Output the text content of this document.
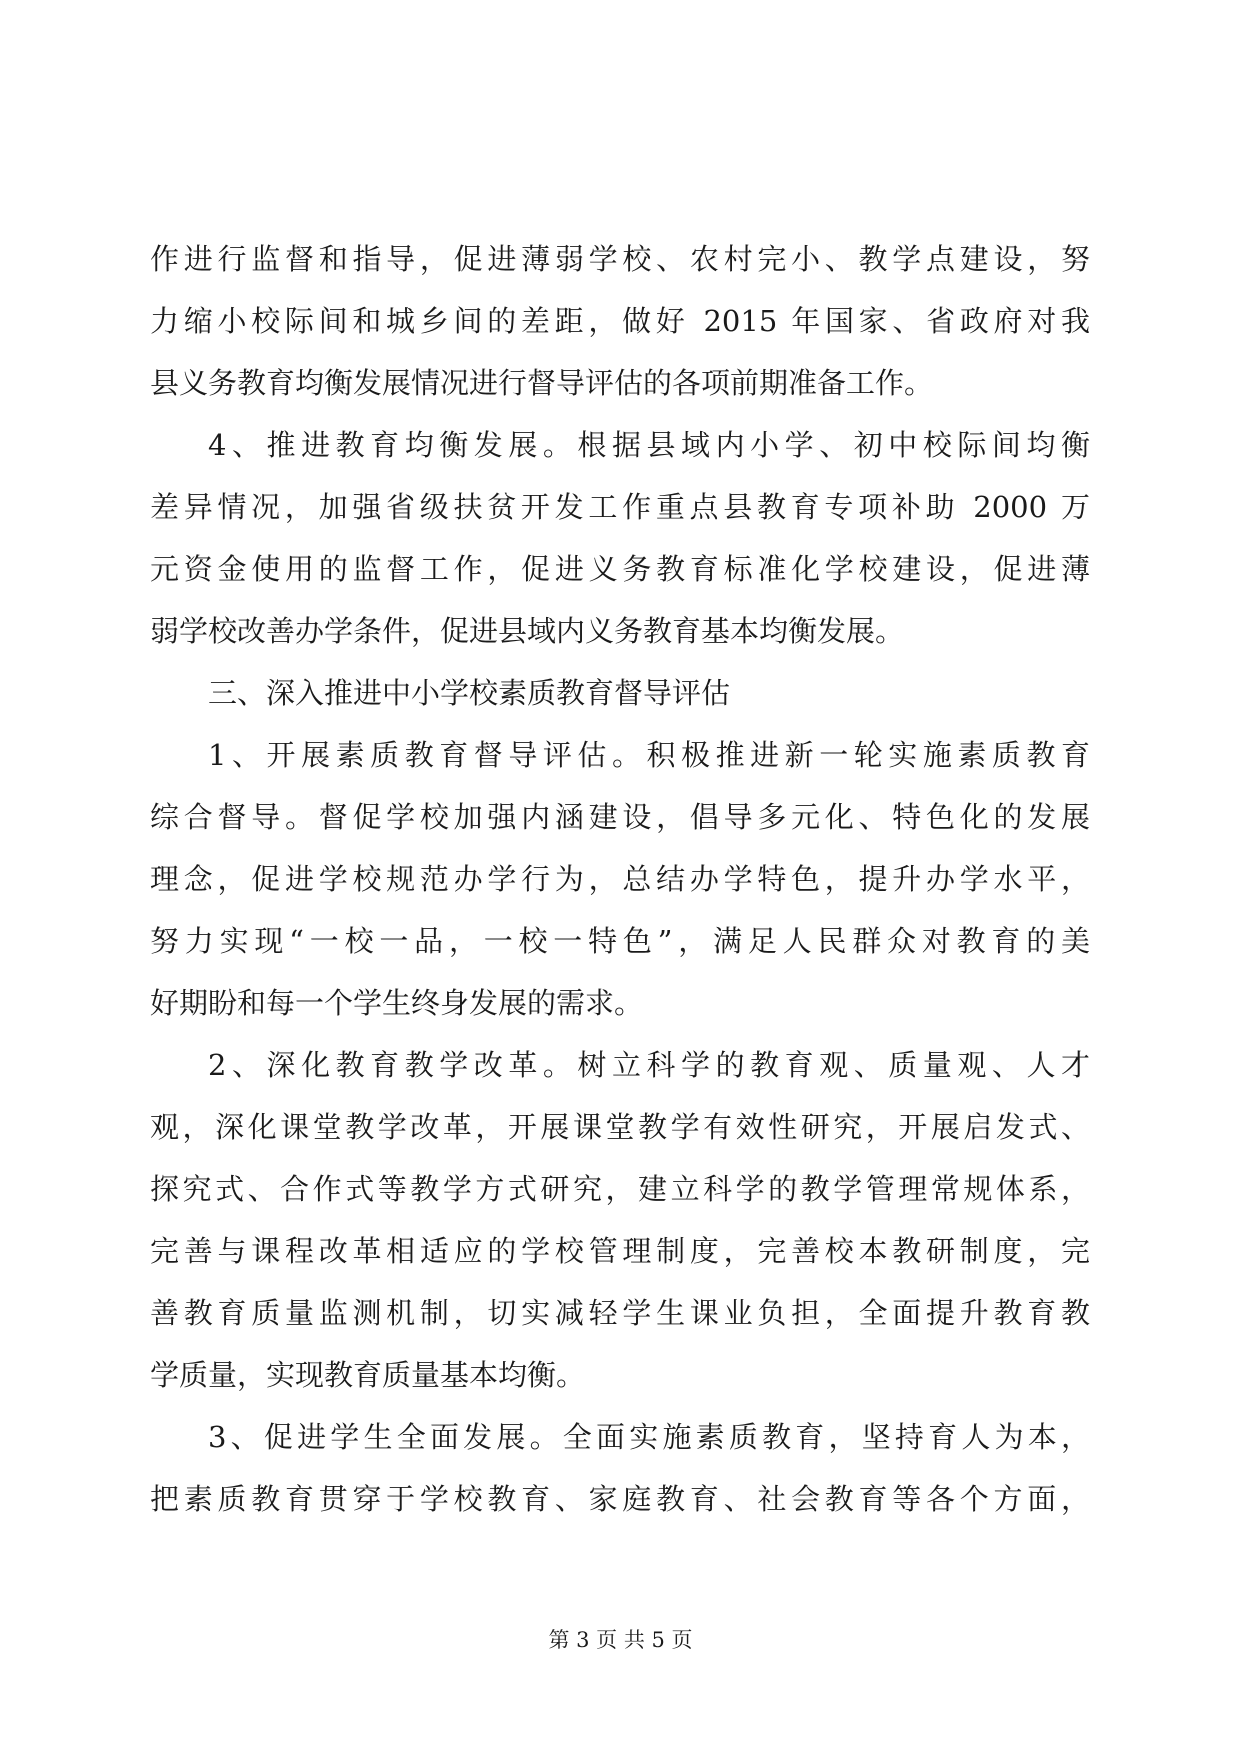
作进行监督和指导，促进薄弱学校、农村完小、教学点建设，努
力缩小校际间和城乡间的差距，做好 2015 年国家、省政府对我
县义务教育均衡发展情况进行督导评估的各项前期准备工作。
4、推进教育均衡发展。根据县域内小学、初中校际间均衡
差异情况，加强省级扶贫开发工作重点县教育专项补助 2000 万
元资金使用的监督工作，促进义务教育标准化学校建设，促进薄
弱学校改善办学条件，促进县域内义务教育基本均衡发展。
三、深入推进中小学校素质教育督导评估
1、开展素质教育督导评估。积极推进新一轮实施素质教育
综合督导。督促学校加强内涵建设，倡导多元化、特色化的发展
理念，促进学校规范办学行为，总结办学特色，提升办学水平，
努力实现“一校一品，一校一特色”，满足人民群众对教育的美
好期盼和每一个学生终身发展的需求。
2、深化教育教学改革。树立科学的教育观、质量观、人才
观，深化课堂教学改革，开展课堂教学有效性研究，开展启发式、
探究式、合作式等教学方式研究，建立科学的教学管理常规体系，
完善与课程改革相适应的学校管理制度，完善校本教研制度，完
善教育质量监测机制，切实减轻学生课业负担，全面提升教育教
学质量，实现教育质量基本均衡。
3、促进学生全面发展。全面实施素质教育，坚持育人为本，
把素质教育贯穿于学校教育、家庭教育、社会教育等各个方面，
第 3 页 共 5 页
